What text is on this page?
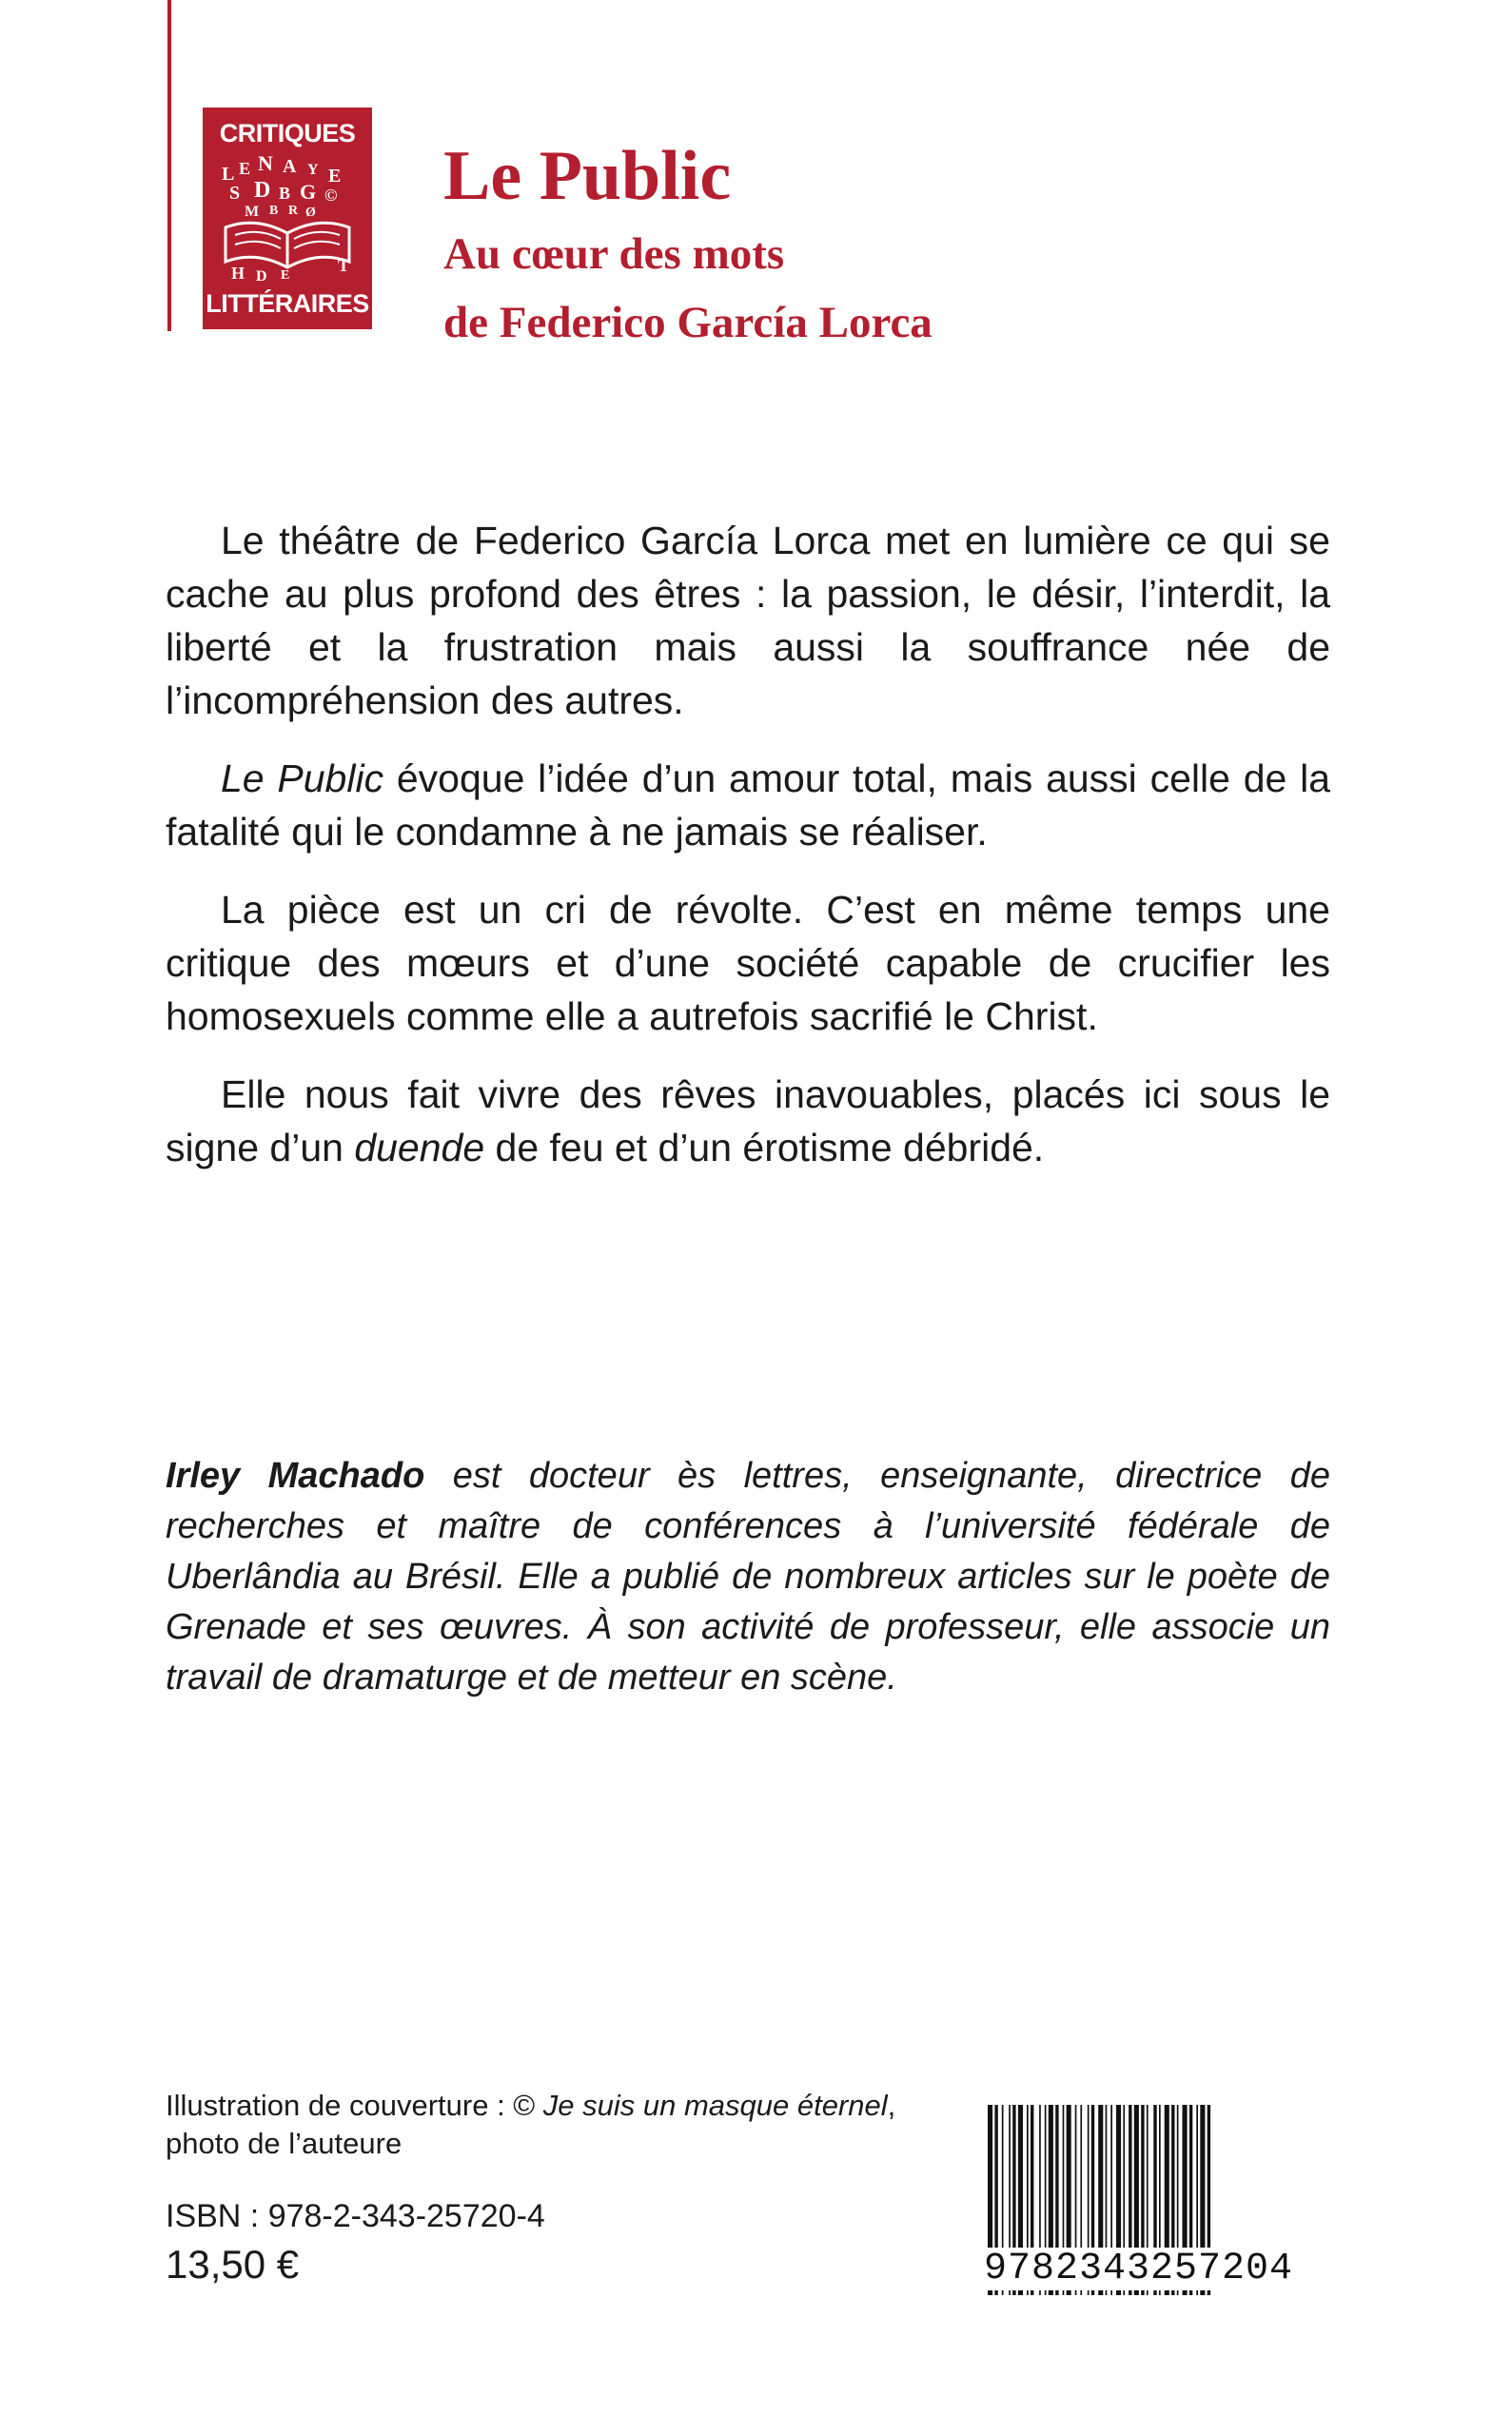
CRITIQUES
L E N A Y E
S D B G ©
M B R Ø
H D E
T
LITTÉRAIRES
Le Public
Au cœur des mots
de Federico García Lorca

Le théâtre de Federico García Lorca met en lumière ce qui se cache au plus profond des êtres : la passion, le désir, l’interdit, la liberté et la frustration mais aussi la souffrance née de l’incompréhension des autres.

Le Public évoque l’idée d’un amour total, mais aussi celle de la fatalité qui le condamne à ne jamais se réaliser.

La pièce est un cri de révolte. C’est en même temps une critique des mœurs et d’une société capable de crucifier les homosexuels comme elle a autrefois sacrifié le Christ.

Elle nous fait vivre des rêves inavouables, placés ici sous le signe d’un duende de feu et d’un érotisme débridé.

Irley Machado est docteur ès lettres, enseignante, directrice de recherches et maître de conférences à l’université fédérale de Uberlândia au Brésil. Elle a publié de nombreux articles sur le poète de Grenade et ses œuvres. À son activité de professeur, elle associe un travail de dramaturge et de metteur en scène.
Illustration de couverture : © Je suis un masque éternel,
photo de l’auteure
ISBN : 978-2-343-25720-4
13,50 €	9782343257204
